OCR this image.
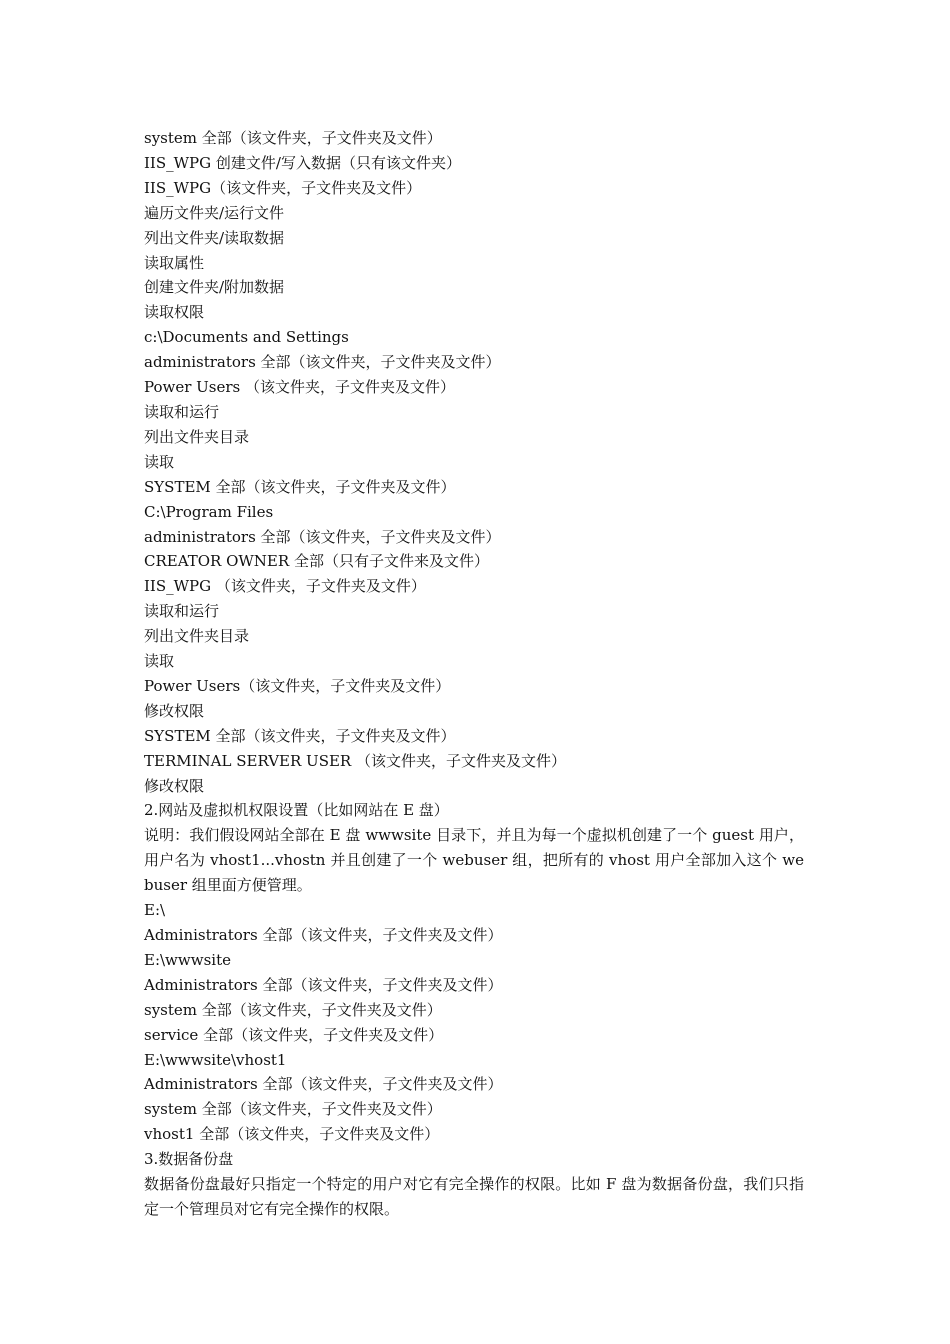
system 全部（该文件夹，子文件夹及文件）

IIS_WPG 创建文件/写入数据（只有该文件夹）

IIS_WPG（该文件夹，子文件夹及文件）

遍历文件夹/运行文件

列出文件夹/读取数据

读取属性

创建文件夹/附加数据

读取权限

c:\Documents and Settings

administrators 全部（该文件夹，子文件夹及文件）

Power Users （该文件夹，子文件夹及文件）

读取和运行

列出文件夹目录

读取

SYSTEM 全部（该文件夹，子文件夹及文件）

C:\Program Files

administrators 全部（该文件夹，子文件夹及文件）

CREATOR OWNER 全部（只有子文件来及文件）

IIS_WPG （该文件夹，子文件夹及文件）

读取和运行

列出文件夹目录

读取

Power Users（该文件夹，子文件夹及文件）

修改权限

SYSTEM 全部（该文件夹，子文件夹及文件）

TERMINAL SERVER USER （该文件夹，子文件夹及文件）

修改权限

2.网站及虚拟机权限设置（比如网站在 E 盘）

说明：我们假设网站全部在 E 盘 wwwsite 目录下，并且为每一个虚拟机创建了一个 guest 用户，用户名为 vhost1...vhostn 并且创建了一个 webuser 组，把所有的 vhost 用户全部加入这个 webuser 组里面方便管理。

E:\

Administrators 全部（该文件夹，子文件夹及文件）

E:\wwwsite

Administrators 全部（该文件夹，子文件夹及文件）

system 全部（该文件夹，子文件夹及文件）

service 全部（该文件夹，子文件夹及文件）

E:\wwwsite\vhost1

Administrators 全部（该文件夹，子文件夹及文件）

system 全部（该文件夹，子文件夹及文件）

vhost1 全部（该文件夹，子文件夹及文件）

3.数据备份盘

数据备份盘最好只指定一个特定的用户对它有完全操作的权限。比如 F 盘为数据备份盘，我们只指定一个管理员对它有完全操作的权限。
